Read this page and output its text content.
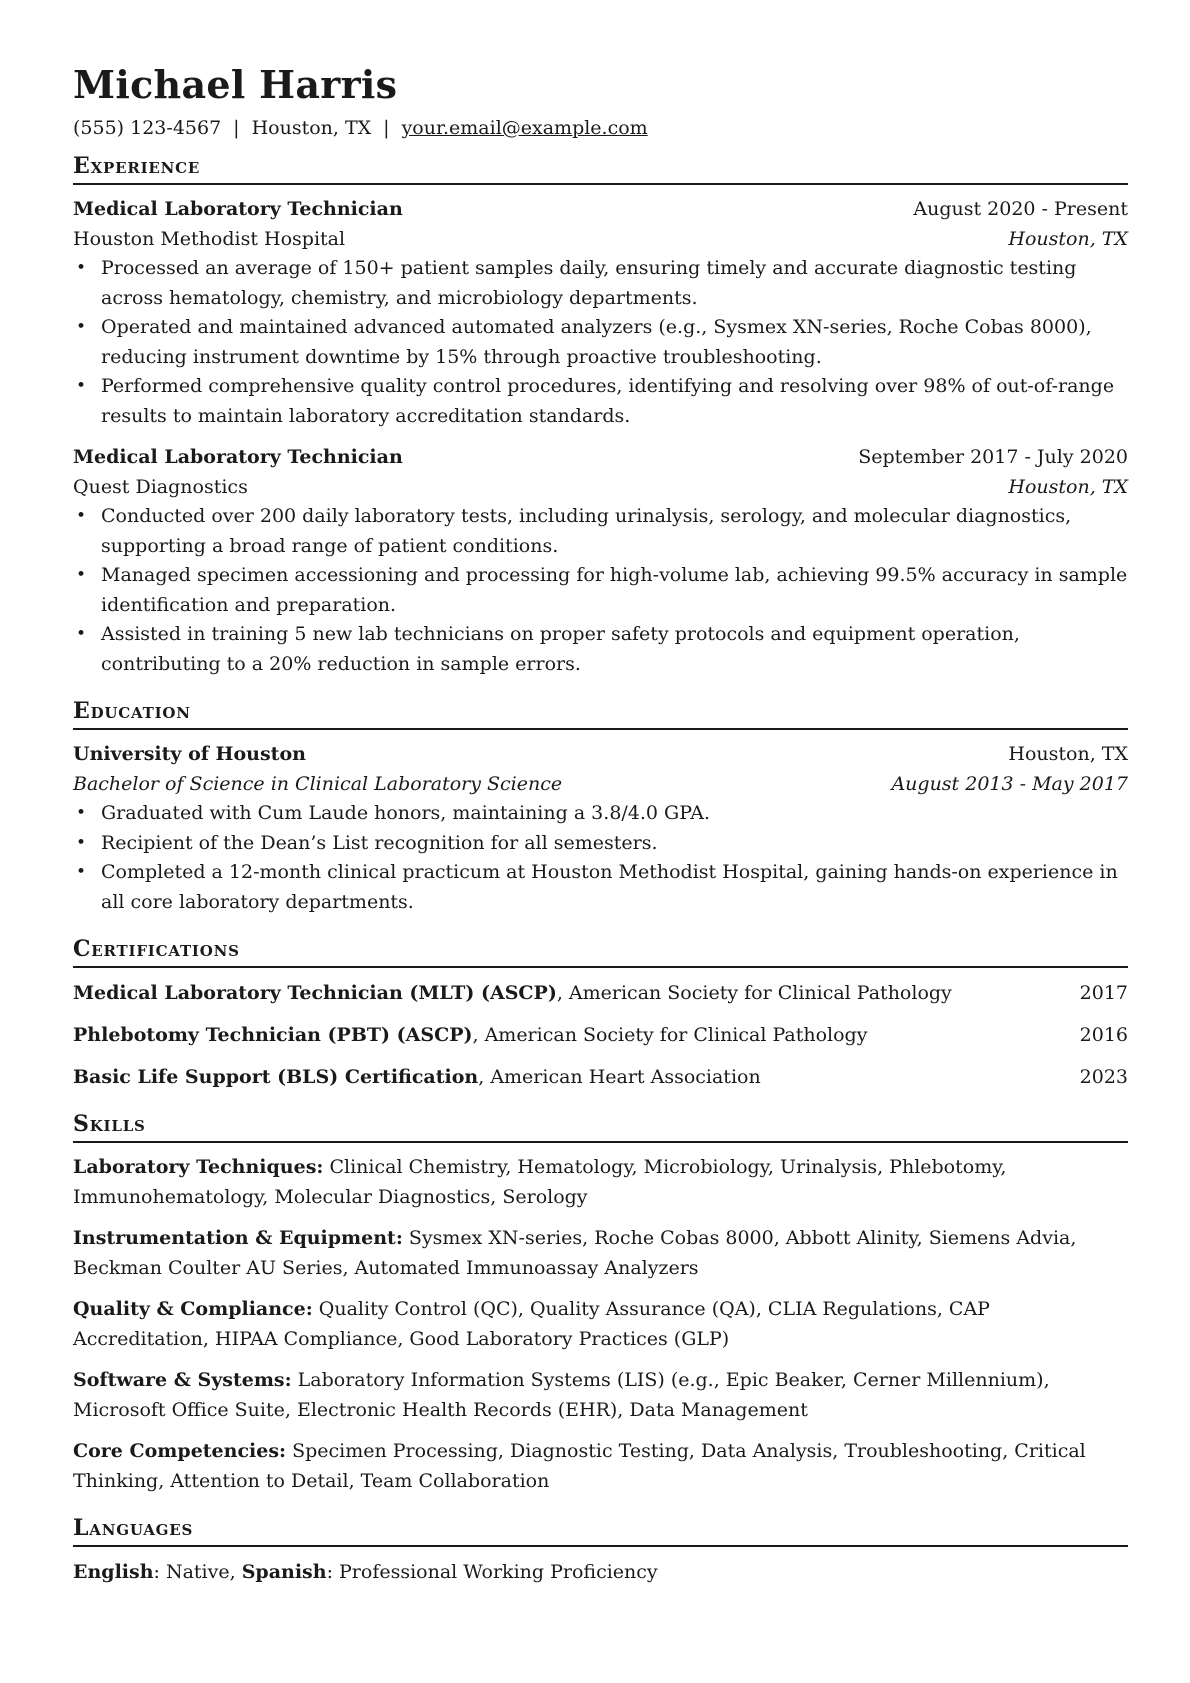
Michael Harris
(555) 123-4567 | Houston, TX | your.email@example.com
Experience
Medical Laboratory Technician	August 2020 - Present
Houston Methodist Hospital	Houston, TX
• Processed an average of 150+ patient samples daily, ensuring timely and accurate diagnostic testing across hematology, chemistry, and microbiology departments.
• Operated and maintained advanced automated analyzers (e.g., Sysmex XN-series, Roche Cobas 8000), reducing instrument downtime by 15% through proactive troubleshooting.
• Performed comprehensive quality control procedures, identifying and resolving over 98% of out-of-range results to maintain laboratory accreditation standards.
Medical Laboratory Technician	September 2017 - July 2020
Quest Diagnostics	Houston, TX
• Conducted over 200 daily laboratory tests, including urinalysis, serology, and molecular diagnostics, supporting a broad range of patient conditions.
• Managed specimen accessioning and processing for high-volume lab, achieving 99.5% accuracy in sample identification and preparation.
• Assisted in training 5 new lab technicians on proper safety protocols and equipment operation, contributing to a 20% reduction in sample errors.
Education
University of Houston	Houston, TX
Bachelor of Science in Clinical Laboratory Science	August 2013 - May 2017
• Graduated with Cum Laude honors, maintaining a 3.8/4.0 GPA.
• Recipient of the Dean’s List recognition for all semesters.
• Completed a 12-month clinical practicum at Houston Methodist Hospital, gaining hands-on experience in all core laboratory departments.
Certifications
Medical Laboratory Technician (MLT) (ASCP), American Society for Clinical Pathology	2017
Phlebotomy Technician (PBT) (ASCP), American Society for Clinical Pathology	2016
Basic Life Support (BLS) Certification, American Heart Association	2023
Skills
Laboratory Techniques: Clinical Chemistry, Hematology, Microbiology, Urinalysis, Phlebotomy, Immunohematology, Molecular Diagnostics, Serology
Instrumentation & Equipment: Sysmex XN-series, Roche Cobas 8000, Abbott Alinity, Siemens Advia, Beckman Coulter AU Series, Automated Immunoassay Analyzers
Quality & Compliance: Quality Control (QC), Quality Assurance (QA), CLIA Regulations, CAP Accreditation, HIPAA Compliance, Good Laboratory Practices (GLP)
Software & Systems: Laboratory Information Systems (LIS) (e.g., Epic Beaker, Cerner Millennium), Microsoft Office Suite, Electronic Health Records (EHR), Data Management
Core Competencies: Specimen Processing, Diagnostic Testing, Data Analysis, Troubleshooting, Critical Thinking, Attention to Detail, Team Collaboration
Languages
English: Native, Spanish: Professional Working Proficiency
